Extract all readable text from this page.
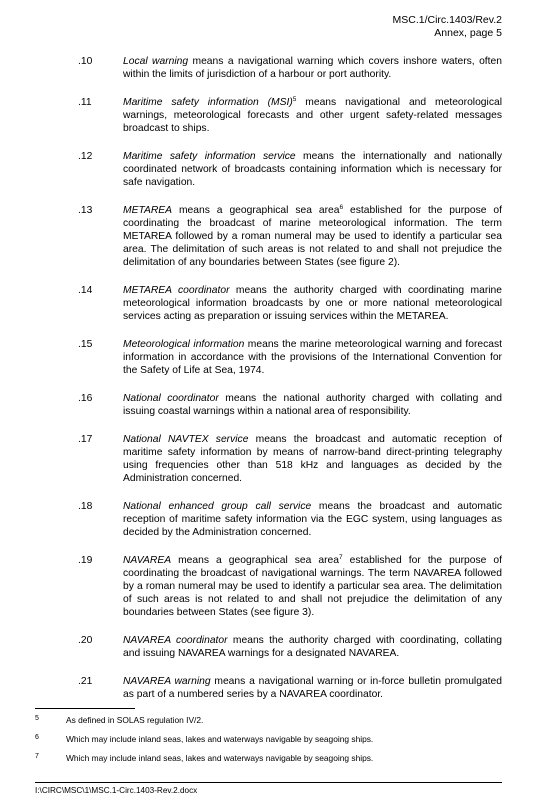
MSC.1/Circ.1403/Rev.2
Annex, page 5
.10	Local warning means a navigational warning which covers inshore waters, often within the limits of jurisdiction of a harbour or port authority.
.11	Maritime safety information (MSI)$^5$ means navigational and meteorological warnings, meteorological forecasts and other urgent safety-related messages broadcast to ships.
.12	Maritime safety information service means the internationally and nationally coordinated network of broadcasts containing information which is necessary for safe navigation.
.13	METAREA means a geographical sea area$^6$ established for the purpose of coordinating the broadcast of marine meteorological information. The term METAREA followed by a roman numeral may be used to identify a particular sea area. The delimitation of such areas is not related to and shall not prejudice the delimitation of any boundaries between States (see figure 2).
.14	METAREA coordinator means the authority charged with coordinating marine meteorological information broadcasts by one or more national meteorological services acting as preparation or issuing services within the METAREA.
.15	Meteorological information means the marine meteorological warning and forecast information in accordance with the provisions of the International Convention for the Safety of Life at Sea, 1974.
.16	National coordinator means the national authority charged with collating and issuing coastal warnings within a national area of responsibility.
.17	National NAVTEX service means the broadcast and automatic reception of maritime safety information by means of narrow-band direct-printing telegraphy using frequencies other than 518 kHz and languages as decided by the Administration concerned.
.18	National enhanced group call service means the broadcast and automatic reception of maritime safety information via the EGC system, using languages as decided by the Administration concerned.
.19	NAVAREA means a geographical sea area$^7$ established for the purpose of coordinating the broadcast of navigational warnings. The term NAVAREA followed by a roman numeral may be used to identify a particular sea area. The delimitation of such areas is not related to and shall not prejudice the delimitation of any boundaries between States (see figure 3).
.20	NAVAREA coordinator means the authority charged with coordinating, collating and issuing NAVAREA warnings for a designated NAVAREA.
.21	NAVAREA warning means a navigational warning or in-force bulletin promulgated as part of a numbered series by a NAVAREA coordinator.
5	As defined in SOLAS regulation IV/2.
6	Which may include inland seas, lakes and waterways navigable by seagoing ships.
7	Which may include inland seas, lakes and waterways navigable by seagoing ships.
I:\CIRC\MSC\1\MSC.1-Circ.1403-Rev.2.docx
